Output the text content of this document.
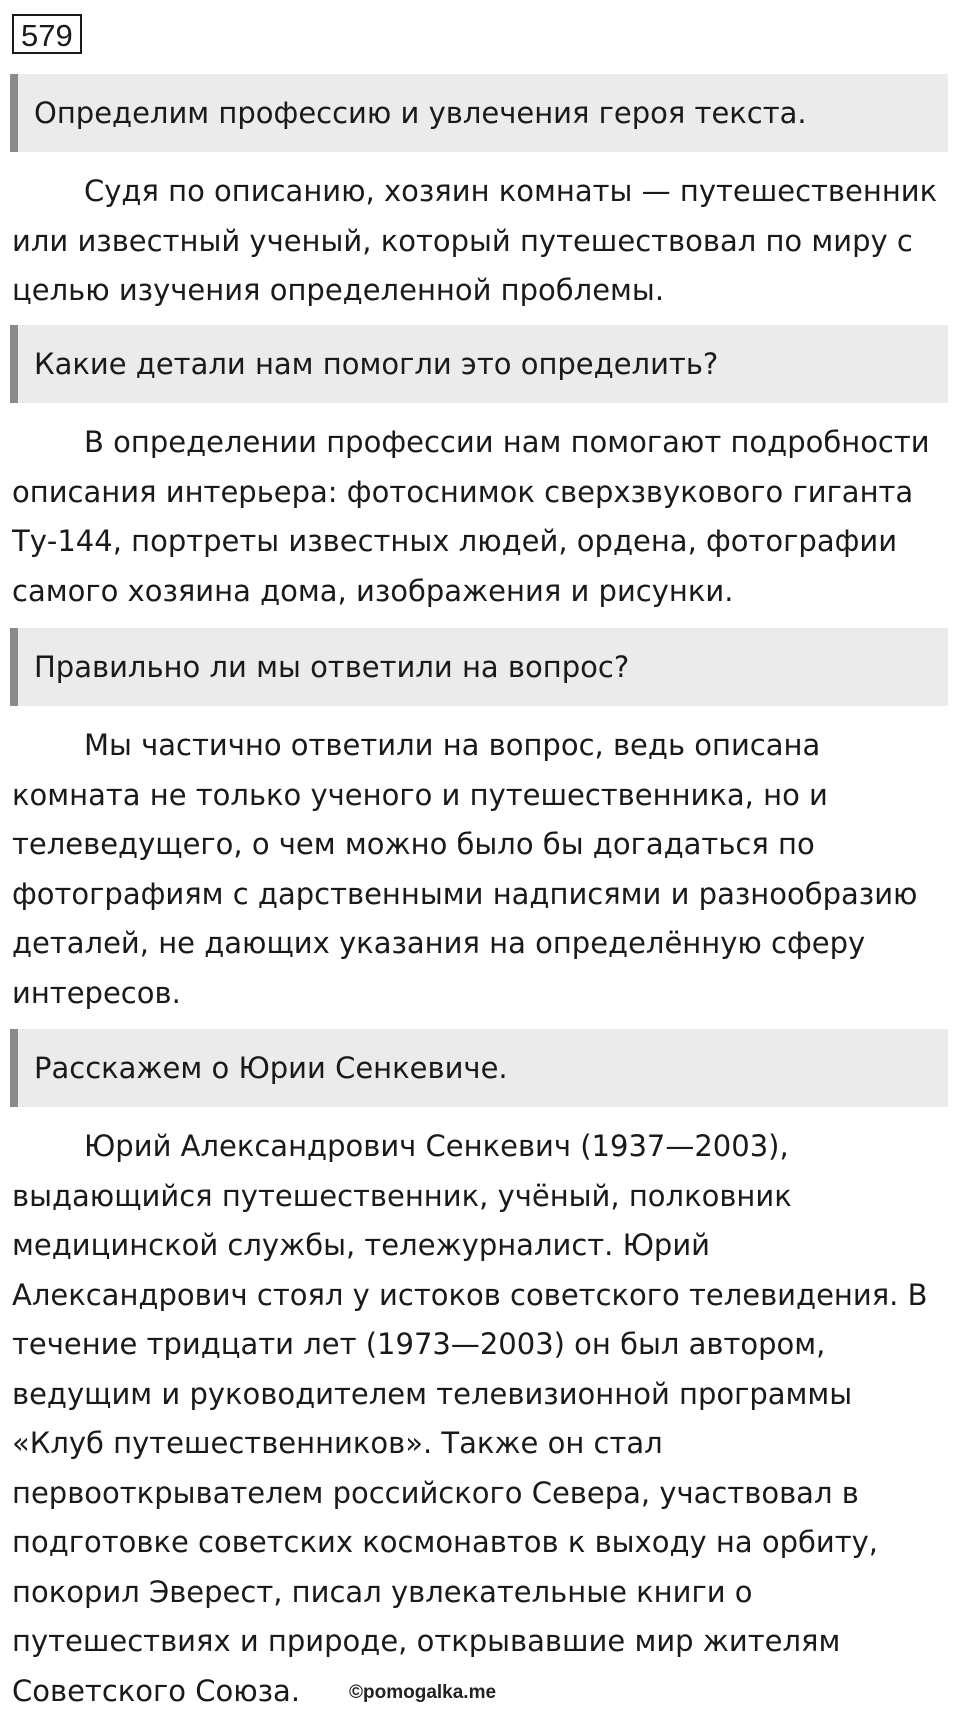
579
Определим профессию и увлечения героя текста.
Судя по описанию, хозяин комнаты — путешественник
или известный ученый, который путешествовал по миру с
целью изучения определенной проблемы.
Какие детали нам помогли это определить?
В определении профессии нам помогают подробности
описания интерьера: фотоснимок сверхзвукового гиганта
Ту-144, портреты известных людей, ордена, фотографии
самого хозяина дома, изображения и рисунки.
Правильно ли мы ответили на вопрос?
Мы частично ответили на вопрос, ведь описана
комната не только ученого и путешественника, но и
телеведущего, о чем можно было бы догадаться по
фотографиям с дарственными надписями и разнообразию
деталей, не дающих указания на определённую сферу
интересов.
Расскажем о Юрии Сенкевиче.
Юрий Александрович Сенкевич (1937—2003),
выдающийся путешественник, учёный, полковник
медицинской службы, тележурналист. Юрий
Александрович стоял у истоков советского телевидения. В
течение тридцати лет (1973—2003) он был автором,
ведущим и руководителем телевизионной программы
«Клуб путешественников». Также он стал
первооткрывателем российского Севера, участвовал в
подготовке советских космонавтов к выходу на орбиту,
покорил Эверест, писал увлекательные книги о
путешествиях и природе, открывавшие мир жителям
Советского Союза.	©pomogalka.me
